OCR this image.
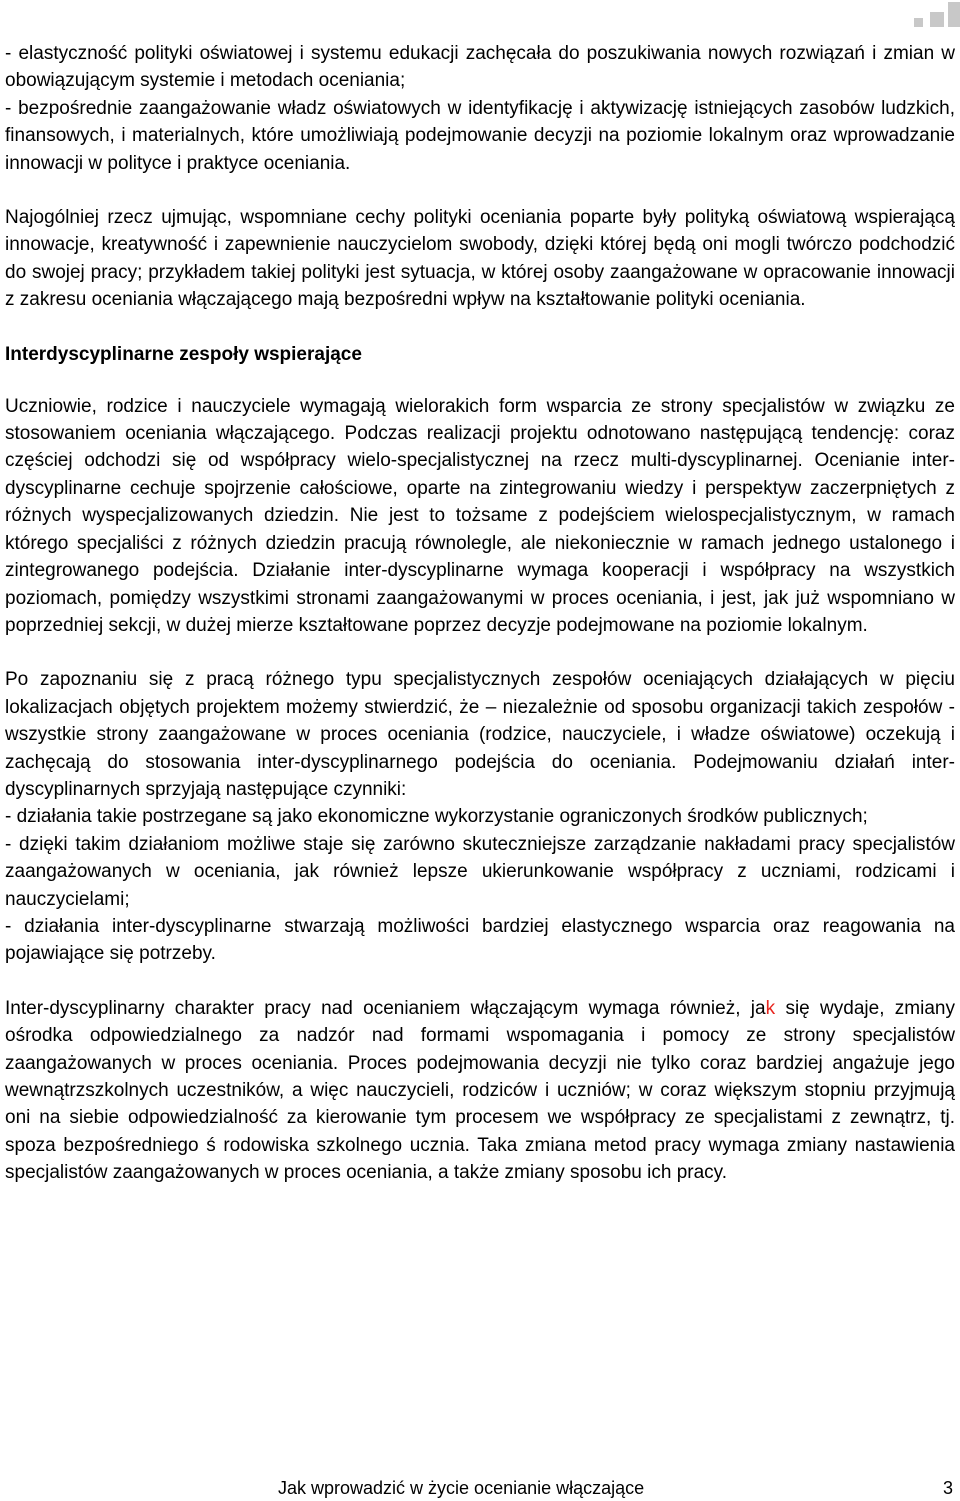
- elastyczność polityki oświatowej i systemu edukacji zachęcała do poszukiwania nowych rozwiązań i zmian w obowiązującym systemie i metodach oceniania;

- bezpośrednie zaangażowanie władz oświatowych w identyfikację i aktywizację istniejących zasobów ludzkich, finansowych, i materialnych, które umożliwiają podejmowanie decyzji na poziomie lokalnym oraz wprowadzanie innowacji w polityce i praktyce oceniania.

Najogólniej rzecz ujmując, wspomniane cechy polityki oceniania poparte były polityką oświatową wspierającą innowacje, kreatywność i zapewnienie nauczycielom swobody, dzięki której będą oni mogli twórczo podchodzić do swojej pracy; przykładem takiej polityki jest sytuacja, w której osoby zaangażowane w opracowanie innowacji z zakresu oceniania włączającego mają bezpośredni wpływ na kształtowanie polityki oceniania.

Interdyscyplinarne zespoły wspierające

Uczniowie, rodzice i nauczyciele wymagają wielorakich form wsparcia ze strony specjalistów w związku ze stosowaniem oceniania włączającego. Podczas realizacji projektu odnotowano następującą tendencję: coraz częściej odchodzi się od współpracy wielo-specjalistycznej na rzecz multi-dyscyplinarnej. Ocenianie inter-dyscyplinarne cechuje spojrzenie całościowe, oparte na zintegrowaniu wiedzy i perspektyw zaczerpniętych z różnych wyspecjalizowanych dziedzin. Nie jest to tożsame z podejściem wielospecjalistycznym, w ramach którego specjaliści z różnych dziedzin pracują równolegle, ale niekoniecznie w ramach jednego ustalonego i zintegrowanego podejścia. Działanie inter-dyscyplinarne wymaga kooperacji i współpracy na wszystkich poziomach, pomiędzy wszystkimi stronami zaangażowanymi w proces oceniania, i jest, jak już wspomniano w poprzedniej sekcji, w dużej mierze kształtowane poprzez decyzje podejmowane na poziomie lokalnym.

Po zapoznaniu się z pracą różnego typu specjalistycznych zespołów oceniających działających w pięciu lokalizacjach objętych projektem możemy stwierdzić, że – niezależnie od sposobu organizacji takich zespołów - wszystkie strony zaangażowane w proces oceniania (rodzice, nauczyciele, i władze oświatowe) oczekują i zachęcają do stosowania inter-dyscyplinarnego podejścia do oceniania. Podejmowaniu działań inter-dyscyplinarnych sprzyjają następujące czynniki:

- działania takie postrzegane są jako ekonomiczne wykorzystanie ograniczonych środków publicznych;
- dzięki takim działaniom możliwe staje się zarówno skuteczniejsze zarządzanie nakładami pracy specjalistów zaangażowanych w oceniania, jak również lepsze ukierunkowanie współpracy z uczniami, rodzicami i nauczycielami;
- działania inter-dyscyplinarne stwarzają możliwości bardziej elastycznego wsparcia oraz reagowania na pojawiające się potrzeby.

Inter-dyscyplinarny charakter pracy nad ocenianiem włączającym wymaga również, jak się wydaje, zmiany ośrodka odpowiedzialnego za nadzór nad formami wspomagania i pomocy ze strony specjalistów zaangażowanych w proces oceniania. Proces podejmowania decyzji nie tylko coraz bardziej angażuje jego wewnątrzszkolnych uczestników, a więc nauczycieli, rodziców i uczniów; w coraz większym stopniu przyjmują oni na siebie odpowiedzialność za kierowanie tym procesem we współpracy ze specjalistami z zewnątrz, tj. spoza bezpośredniego ś rodowiska szkolnego ucznia. Taka zmiana metod pracy wymaga zmiany nastawienia specjalistów zaangażowanych w proces oceniania, a także zmiany sposobu ich pracy.

Jak wprowadzić w życie ocenianie włączające	3
